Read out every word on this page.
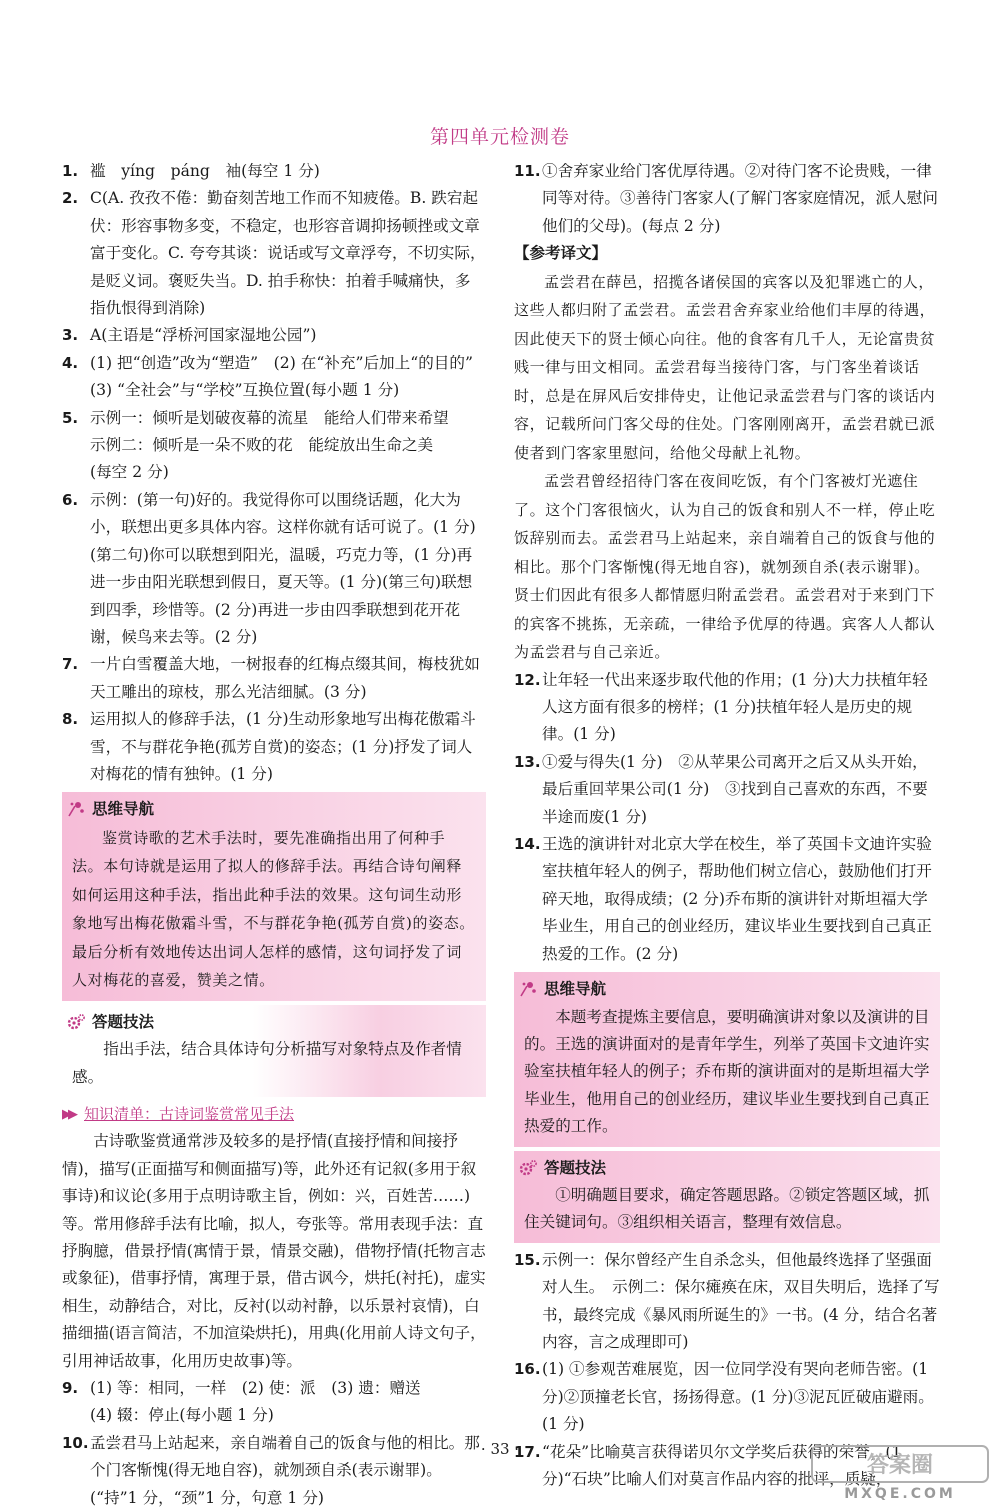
第四单元检测卷
1. 褴　yíng　páng　袖(每空 1 分)

2. C(A. 孜孜不倦：勤奋刻苦地工作而不知疲倦。B. 跌宕起伏：形容事物多变，不稳定，也形容音调抑扬顿挫或文章富于变化。C. 夸夸其谈：说话或写文章浮夸，不切实际，是贬义词。褒贬失当。D. 拍手称快：拍着手喊痛快，多指仇恨得到消除)

3. A(主语是“浮桥河国家湿地公园”)

4. (1) 把“创造”改为“塑造”　(2) 在“补充”后加上“的目的”　(3) “全社会”与“学校”互换位置(每小题 1 分)

5. 示例一：倾听是划破夜幕的流星　能给人们带来希望

示例二：倾听是一朵不败的花　能绽放出生命之美

(每空 2 分)

6. 示例：(第一句)好的。我觉得你可以围绕话题，化大为小，联想出更多具体内容。这样你就有话可说了。(1 分)(第二句)你可以联想到阳光，温暖，巧克力等，(1 分)再进一步由阳光联想到假日，夏天等。(1 分)(第三句)联想到四季，珍惜等。(2 分)再进一步由四季联想到花开花谢，候鸟来去等。(2 分)

7. 一片白雪覆盖大地，一树报春的红梅点缀其间，梅枝犹如天工雕出的琼枝，那么光洁细腻。(3 分)

8. 运用拟人的修辞手法，(1 分)生动形象地写出梅花傲霜斗雪，不与群花争艳(孤芳自赏)的姿态；(1 分)抒发了词人对梅花的情有独钟。(1 分)

思维导航

鉴赏诗歌的艺术手法时，要先准确指出用了何种手法。本句诗就是运用了拟人的修辞手法。再结合诗句阐释如何运用这种手法，指出此种手法的效果。这句词生动形象地写出梅花傲霜斗雪，不与群花争艳(孤芳自赏)的姿态。最后分析有效地传达出词人怎样的感情，这句词抒发了词人对梅花的喜爱，赞美之情。

答题技法

指出手法，结合具体诗句分析描写对象特点及作者情感。

▶▶ 知识清单：古诗词鉴赏常见手法

古诗歌鉴赏通常涉及较多的是抒情(直接抒情和间接抒情)，描写(正面描写和侧面描写)等，此外还有记叙(多用于叙事诗)和议论(多用于点明诗歌主旨，例如：兴，百姓苦……)等。常用修辞手法有比喻，拟人，夸张等。常用表现手法：直抒胸臆，借景抒情(寓情于景，情景交融)，借物抒情(托物言志或象征)，借事抒情，寓理于景，借古讽今，烘托(衬托)，虚实相生，动静结合，对比，反衬(以动衬静，以乐景衬哀情)，白描细描(语言简洁，不加渲染烘托)，用典(化用前人诗文句子，引用神话故事，化用历史故事)等。

9. (1) 等：相同，一样　(2) 使：派　(3) 遗：赠送

(4) 辍：停止(每小题 1 分)

10. 孟尝君马上站起来，亲自端着自己的饭食与他的相比。那个门客惭愧(得无地自容)，就刎颈自杀(表示谢罪)。(“持”1 分，“颈”1 分，句意 1 分)

11. ①舍弃家业给门客优厚待遇。②对待门客不论贵贱，一律同等对待。③善待门客家人(了解门客家庭情况，派人慰问他们的父母)。(每点 2 分)

【参考译文】

孟尝君在薛邑，招揽各诸侯国的宾客以及犯罪逃亡的人，这些人都归附了孟尝君。孟尝君舍弃家业给他们丰厚的待遇，因此使天下的贤士倾心向往。他的食客有几千人，无论富贵贫贱一律与田文相同。孟尝君每当接待门客，与门客坐着谈话时，总是在屏风后安排侍史，让他记录孟尝君与门客的谈话内容，记载所问门客父母的住处。门客刚刚离开，孟尝君就已派使者到门客家里慰问，给他父母献上礼物。

孟尝君曾经招待门客在夜间吃饭，有个门客被灯光遮住了。这个门客很恼火，认为自己的饭食和别人不一样，停止吃饭辞别而去。孟尝君马上站起来，亲自端着自己的饭食与他的相比。那个门客惭愧(得无地自容)，就刎颈自杀(表示谢罪)。贤士们因此有很多人都情愿归附孟尝君。孟尝君对于来到门下的宾客不挑拣，无亲疏，一律给予优厚的待遇。宾客人人都认为孟尝君与自己亲近。

12. 让年轻一代出来逐步取代他的作用；(1 分)大力扶植年轻人这方面有很多的榜样；(1 分)扶植年轻人是历史的规律。(1 分)

13. ①爱与得失(1 分)　②从苹果公司离开之后又从头开始，最后重回苹果公司(1 分)　③找到自己喜欢的东西，不要半途而废(1 分)

14. 王选的演讲针对北京大学在校生，举了英国卡文迪许实验室扶植年轻人的例子，帮助他们树立信心，鼓励他们打开碎天地，取得成绩；(2 分)乔布斯的演讲针对斯坦福大学毕业生，用自己的创业经历，建议毕业生要找到自己真正热爱的工作。(2 分)

思维导航

本题考查提炼主要信息，要明确演讲对象以及演讲的目的。王选的演讲面对的是青年学生，列举了英国卡文迪许实验室扶植年轻人的例子；乔布斯的演讲面对的是斯坦福大学毕业生，他用自己的创业经历，建议毕业生要找到自己真正热爱的工作。

答题技法

①明确题目要求，确定答题思路。②锁定答题区域，抓住关键词句。③组织相关语言，整理有效信息。

15. 示例一：保尔曾经产生自杀念头，但他最终选择了坚强面对人生。　示例二：保尔瘫痪在床，双目失明后，选择了写书，最终完成《暴风雨所诞生的》一书。(4 分，结合名著内容，言之成理即可)

16. (1) ①参观苦难展览，因一位同学没有哭向老师告密。(1 分)②顶撞老长官，扬扬得意。(1 分)③泥瓦匠破庙避雨。(1 分)

17. “花朵”比喻莫言获得诺贝尔文学奖后获得的荣誉，(1 分)“石块”比喻人们对莫言作品内容的批评，质疑，

· 33 ·
答案圈
MXQE.COM
